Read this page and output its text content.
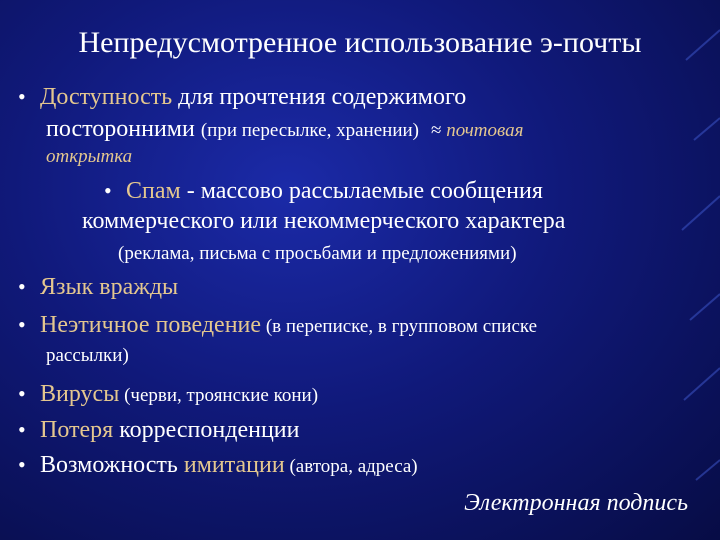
Непредусмотренное использование э-почты
• Доступность для прочтения содержимого
посторонними (при пересылке, хранении) ≈ почтовая
открытка
• Спам - массово рассылаемые сообщения
коммерческого или некоммерческого характера
(реклама, письма с просьбами и предложениями)
• Язык вражды
• Неэтичное поведение (в переписке, в групповом списке
рассылки)
• Вирусы (черви, троянские кони)
• Потеря корреспонденции
• Возможность имитации (автора, адреса)
Электронная подпись
